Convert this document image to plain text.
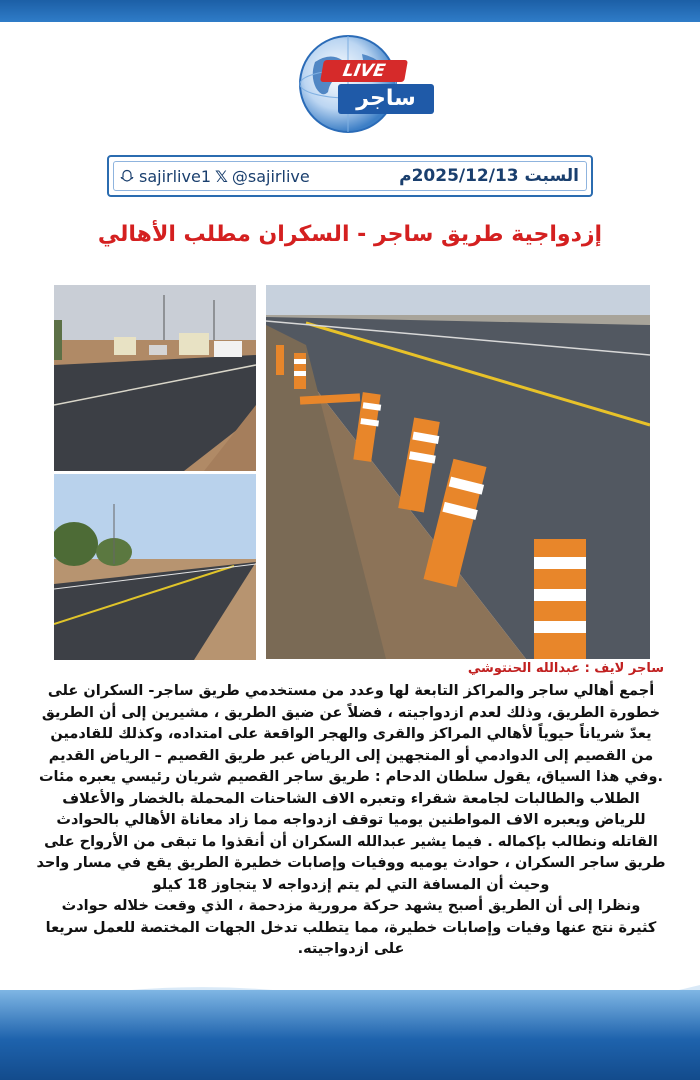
LIVE
ساجر
sajirlive1 𝕏 @sajirlive	السبت 2025/12/13م
إزدواجية طريق ساجر - السكران مطلب الأهالي
ساجر لايف : عبدالله الحنتوشي

أجمع أهالي ساجر والمراكز التابعة لها وعدد من مستخدمي طريق ساجر- السكران على

خطورة الطريق، وذلك لعدم ازدواجيته ، فضلاً عن ضيق الطريق ، مشيرين إلى أن الطريق

يعدّ شرياناً حيوياً لأهالي المراكز والقرى والهجر الواقعة على امتداده، وكذلك للقادمين

من القصيم إلى الدوادمي أو المتجهين إلى الرياض عبر طريق القصيم – الرياض القديم

.وفي هذا السياق، يقول سلطان الدحام : طريق ساجر القصيم شريان رئيسي يعبره مئات

الطلاب والطالبات لجامعة شقراء وتعبره الاف الشاحنات المحملة بالخضار والأعلاف

للرياض ويعبره الاف المواطنين يوميا توقف ازدواجه مما زاد معاناة الأهالي بالحوادث

القاتله ونطالب بإكماله . فيما يشير عبدالله السكران أن أنقذوا ما تبقى من الأرواح على

طريق ساجر السكران ، حوادث يوميه ووفيات وإصابات خطيرة الطريق يقع في مسار واحد

وحيث أن المسافة التي لم يتم إزدواجه لا يتجاوز 18 كيلو

ونظرا إلى أن الطريق أصبح يشهد حركة مرورية مزدحمة ، الذي وقعت خلاله حوادث

كثيرة نتج عنها وفيات وإصابات خطيرة، مما يتطلب تدخل الجهات المختصة للعمل سريعا

على ازدواجيته.
